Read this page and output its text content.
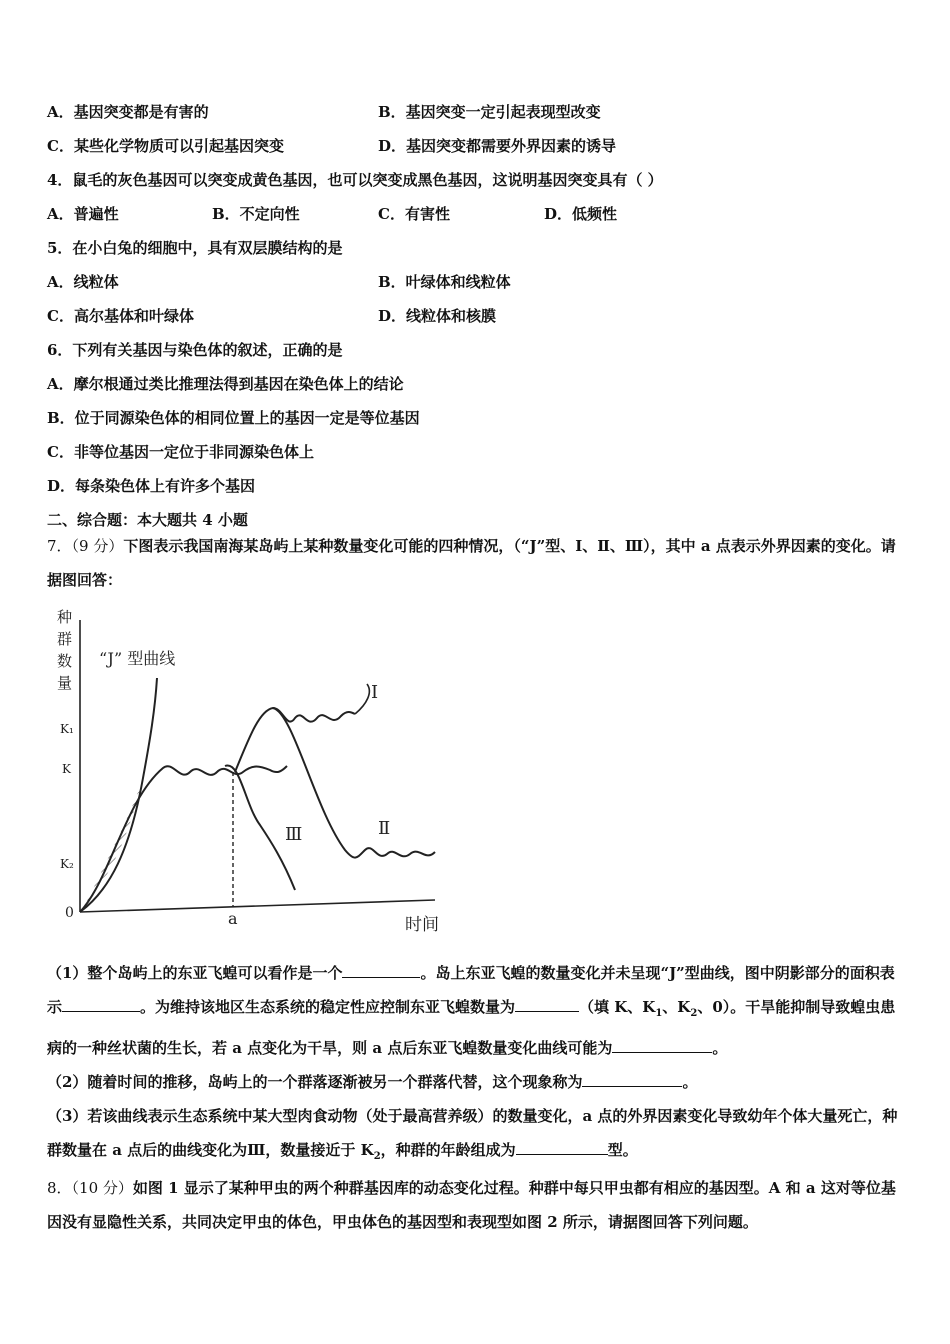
A．基因突变都是有害的	B．基因突变一定引起表现型改变
C．某些化学物质可以引起基因突变	D．基因突变都需要外界因素的诱导
4．鼠毛的灰色基因可以突变成黄色基因，也可以突变成黑色基因，这说明基因突变具有（ ）
A．普遍性	B．不定向性	C．有害性	D．低频性
5．在小白兔的细胞中，具有双层膜结构的是
A．线粒体	B．叶绿体和线粒体
C．高尔基体和叶绿体	D．线粒体和核膜
6．下列有关基因与染色体的叙述，正确的是
A．摩尔根通过类比推理法得到基因在染色体上的结论
B．位于同源染色体的相同位置上的基因一定是等位基因
C．非等位基因一定位于非同源染色体上
D．每条染色体上有许多个基因
二、综合题：本大题共 4 小题
7．（9 分）下图表示我国南海某岛屿上某种数量变化可能的四种情况，（“J”型、Ⅰ、Ⅱ、Ⅲ），其中 a 点表示外界因素的变化。请据图回答：
种
群
数
量
K₁
K
K₂
0
“J” 型曲线
Ⅰ
Ⅱ
Ⅲ
a	时间
（1）整个岛屿上的东亚飞蝗可以看作是一个	。岛上东亚飞蝗的数量变化并未呈现“J”型曲线，图中阴影部分的面积表示	。为维持该地区生态系统的稳定性应控制东亚飞蝗数量为	（填 K、$K_1$、$K_2$、0）。干旱能抑制导致蝗虫患病的一种丝状菌的生长，若 a 点变化为干旱，则 a 点后东亚飞蝗数量变化曲线可能为	。
（2）随着时间的推移，岛屿上的一个群落逐渐被另一个群落代替，这个现象称为	。
（3）若该曲线表示生态系统中某大型肉食动物（处于最高营养级）的数量变化，a 点的外界因素变化导致幼年个体大量死亡，种群数量在 a 点后的曲线变化为Ⅲ，数量接近于 $K_2$，种群的年龄组成为	型。
8．（10 分）如图 1 显示了某种甲虫的两个种群基因库的动态变化过程。种群中每只甲虫都有相应的基因型。A 和 a 这对等位基因没有显隐性关系，共同决定甲虫的体色，甲虫体色的基因型和表现型如图 2 所示，请据图回答下列问题。
